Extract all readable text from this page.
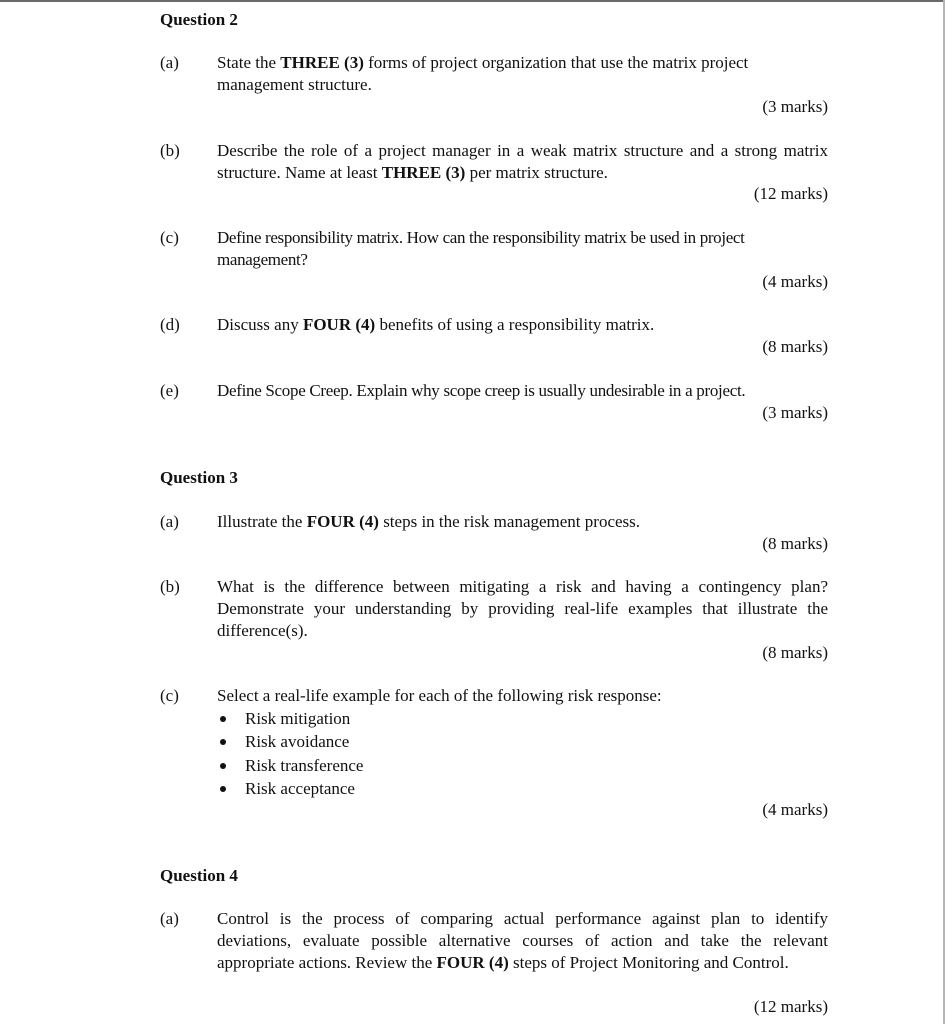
Question 2
(a) State the THREE (3) forms of project organization that use the matrix project management structure.
(3 marks)
(b) Describe the role of a project manager in a weak matrix structure and a strong matrix structure. Name at least THREE (3) per matrix structure.
(12 marks)
(c) Define responsibility matrix. How can the responsibility matrix be used in project management?
(4 marks)
(d) Discuss any FOUR (4) benefits of using a responsibility matrix.
(8 marks)
(e) Define Scope Creep. Explain why scope creep is usually undesirable in a project.
(3 marks)
Question 3
(a) Illustrate the FOUR (4) steps in the risk management process.
(8 marks)
(b) What is the difference between mitigating a risk and having a contingency plan? Demonstrate your understanding by providing real-life examples that illustrate the difference(s).
(8 marks)
(c) Select a real-life example for each of the following risk response:
Risk mitigation
Risk avoidance
Risk transference
Risk acceptance
(4 marks)
Question 4
(a) Control is the process of comparing actual performance against plan to identify deviations, evaluate possible alternative courses of action and take the relevant appropriate actions. Review the FOUR (4) steps of Project Monitoring and Control.
(12 marks)
